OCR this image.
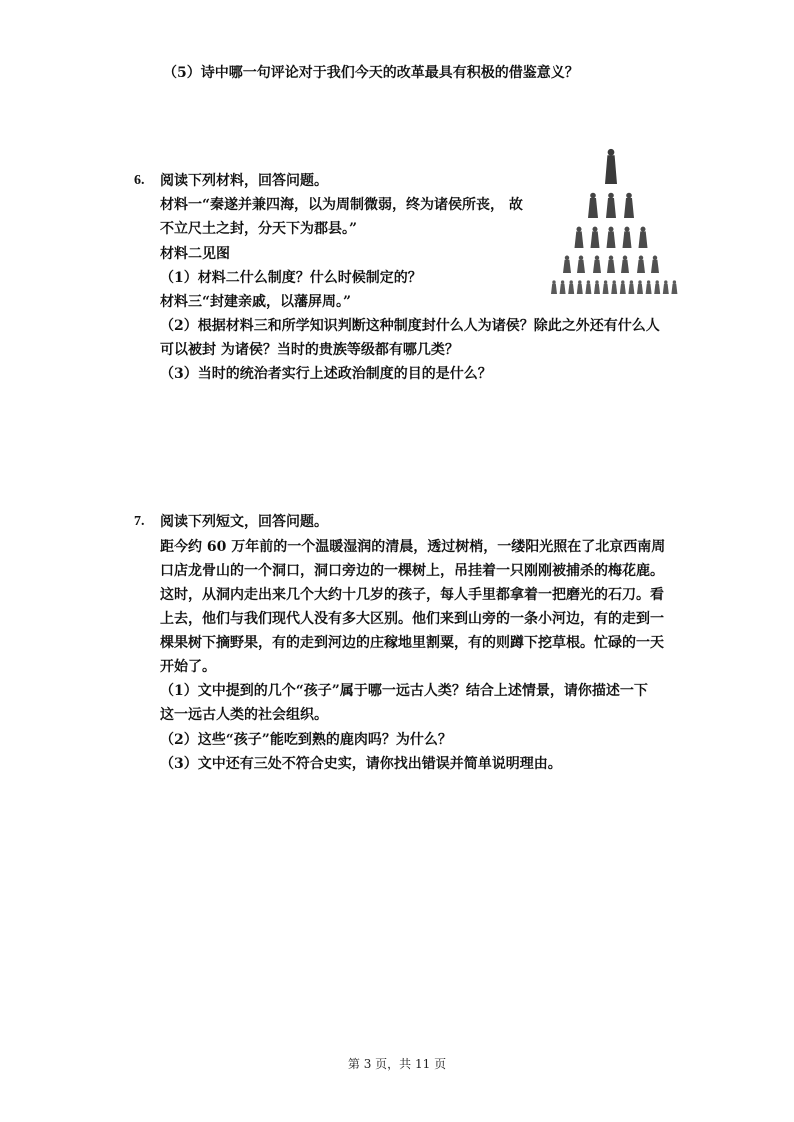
（5）诗中哪一句评论对于我们今天的改革最具有积极的借鉴意义？
6. 阅读下列材料，回答问题。
材料一“秦遂并兼四海，以为周制微弱，终为诸侯所丧， 故
不立尺土之封，分天下为郡县。”
材料二见图
（1）材料二什么制度？什么时候制定的？
材料三“封建亲戚，以藩屏周。”
（2）根据材料三和所学知识判断这种制度封什么人为诸侯？除此之外还有什么人
可以被封 为诸侯？当时的贵族等级都有哪几类？
（3）当时的统治者实行上述政治制度的目的是什么？
7. 阅读下列短文，回答问题。
距今约 60 万年前的一个温暖湿润的清晨，透过树梢，一缕阳光照在了北京西南周
口店龙骨山的一个洞口，洞口旁边的一棵树上，吊挂着一只刚刚被捕杀的梅花鹿。
这时，从洞内走出来几个大约十几岁的孩子，每人手里都拿着一把磨光的石刀。看
上去，他们与我们现代人没有多大区别。他们来到山旁的一条小河边，有的走到一
棵果树下摘野果，有的走到河边的庄稼地里割粟，有的则蹲下挖草根。忙碌的一天
开始了。
（1）文中提到的几个“孩子”属于哪一远古人类？结合上述情景，请你描述一下
这一远古人类的社会组织。
（2）这些“孩子”能吃到熟的鹿肉吗？为什么？
（3）文中还有三处不符合史实，请你找出错误并简单说明理由。
第 3 页，共 11 页
